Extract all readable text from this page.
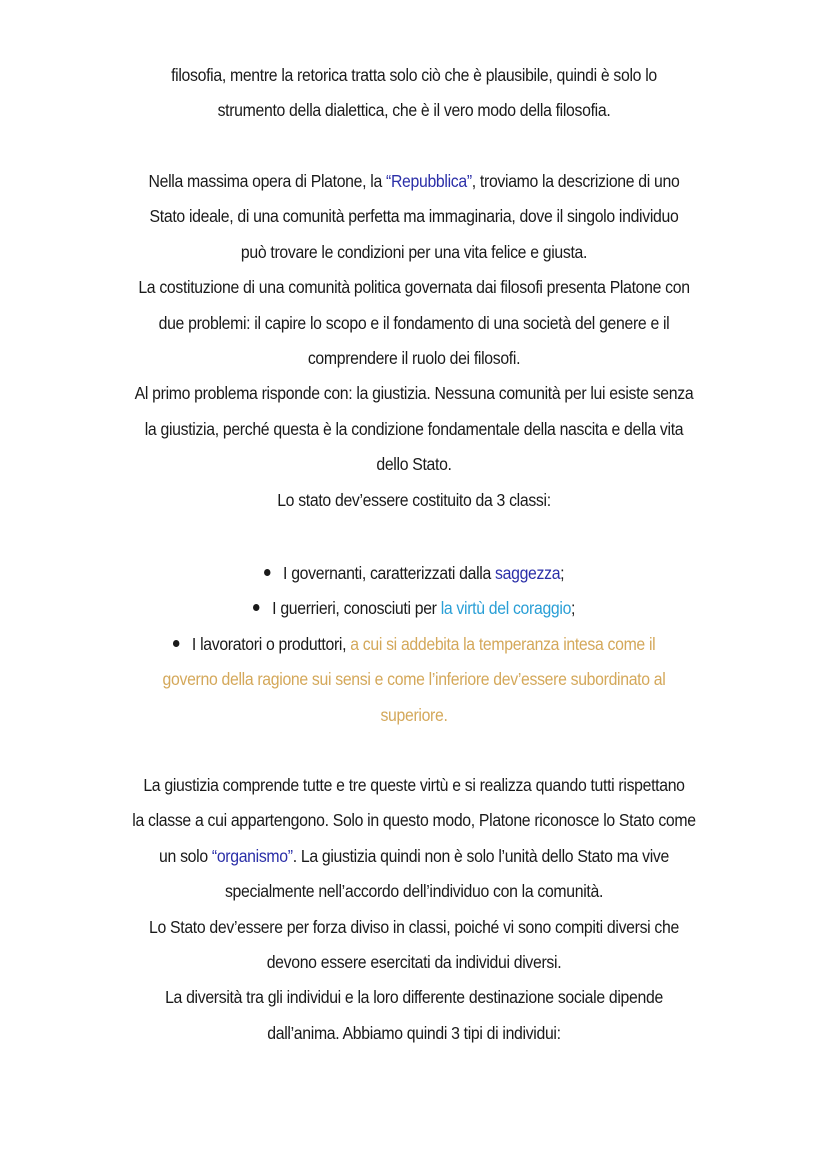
filosofia, mentre la retorica tratta solo ciò che è plausibile, quindi è solo lo
strumento della dialettica, che è il vero modo della filosofia.
Nella massima opera di Platone, la “Repubblica”, troviamo la descrizione di uno
Stato ideale, di una comunità perfetta ma immaginaria, dove il singolo individuo
può trovare le condizioni per una vita felice e giusta.
La costituzione di una comunità politica governata dai filosofi presenta Platone con
due problemi: il capire lo scopo e il fondamento di una società del genere e il
comprendere il ruolo dei filosofi.
Al primo problema risponde con: la giustizia. Nessuna comunità per lui esiste senza
la giustizia, perché questa è la condizione fondamentale della nascita e della vita
dello Stato.
Lo stato dev’essere costituito da 3 classi:
I governanti, caratterizzati dalla saggezza;
I guerrieri, conosciuti per la virtù del coraggio;
I lavoratori o produttori, a cui si addebita la temperanza intesa come il
governo della ragione sui sensi e come l’inferiore dev’essere subordinato al
superiore.
La giustizia comprende tutte e tre queste virtù e si realizza quando tutti rispettano
la classe a cui appartengono. Solo in questo modo, Platone riconosce lo Stato come
un solo “organismo”. La giustizia quindi non è solo l’unità dello Stato ma vive
specialmente nell’accordo dell’individuo con la comunità.
Lo Stato dev’essere per forza diviso in classi, poiché vi sono compiti diversi che
devono essere esercitati da individui diversi.
La diversità tra gli individui e la loro differente destinazione sociale dipende
dall’anima. Abbiamo quindi 3 tipi di individui:
